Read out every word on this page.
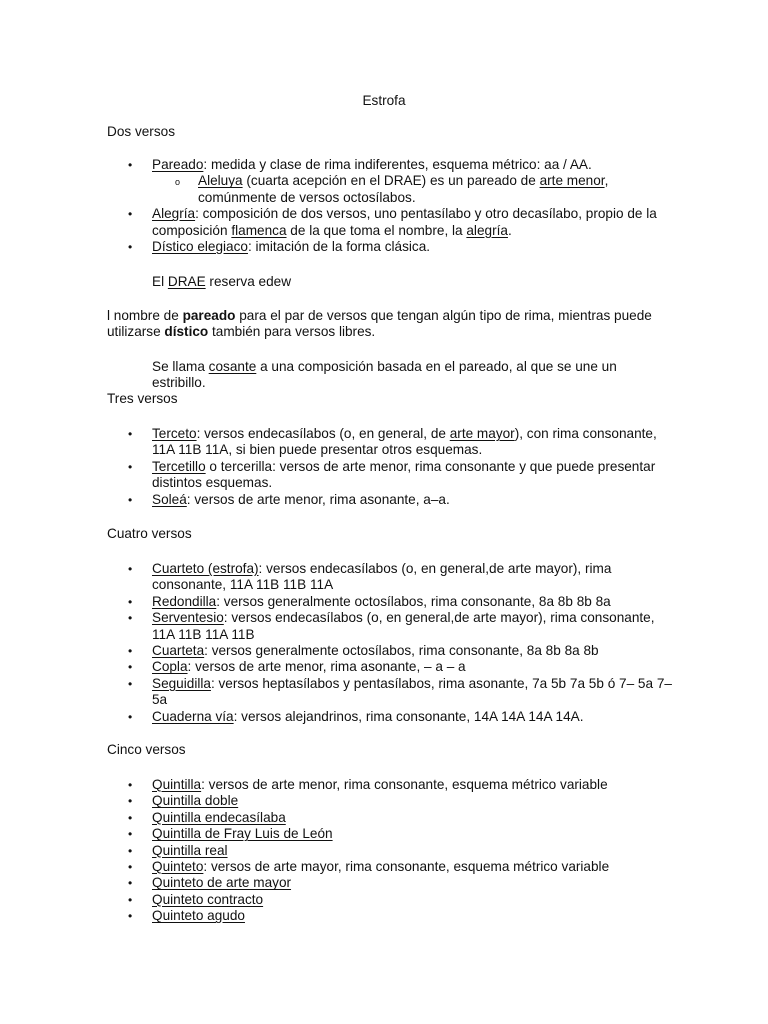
Estrofa
Dos versos
• Pareado: medida y clase de rima indiferentes, esquema métrico: aa / AA.
o Aleluya (cuarta acepción en el DRAE) es un pareado de arte menor, comúnmente de versos octosílabos.
• Alegría: composición de dos versos, uno pentasílabo y otro decasílabo, propio de la composición flamenca de la que toma el nombre, la alegría.
• Dístico elegiaco: imitación de la forma clásica.
El DRAE reserva edew
l nombre de pareado para el par de versos que tengan algún tipo de rima, mientras puede utilizarse dístico también para versos libres.
Se llama cosante a una composición basada en el pareado, al que se une un estribillo.
Tres versos
• Terceto: versos endecasílabos (o, en general, de arte mayor), con rima consonante, 11A 11B 11A, si bien puede presentar otros esquemas.
• Tercetillo o tercerilla: versos de arte menor, rima consonante y que puede presentar distintos esquemas.
• Soleá: versos de arte menor, rima asonante, a–a.
Cuatro versos
• Cuarteto (estrofa): versos endecasílabos (o, en general,de arte mayor), rima consonante, 11A 11B 11B 11A
• Redondilla: versos generalmente octosílabos, rima consonante, 8a 8b 8b 8a
• Serventesio: versos endecasílabos (o, en general,de arte mayor), rima consonante, 11A 11B 11A 11B
• Cuarteta: versos generalmente octosílabos, rima consonante, 8a 8b 8a 8b
• Copla: versos de arte menor, rima asonante, – a – a
• Seguidilla: versos heptasílabos y pentasílabos, rima asonante, 7a 5b 7a 5b ó 7– 5a 7– 5a
• Cuaderna vía: versos alejandrinos, rima consonante, 14A 14A 14A 14A.
Cinco versos
• Quintilla: versos de arte menor, rima consonante, esquema métrico variable
• Quintilla doble
• Quintilla endecasílaba
• Quintilla de Fray Luis de León
• Quintilla real
• Quinteto: versos de arte mayor, rima consonante, esquema métrico variable
• Quinteto de arte mayor
• Quinteto contracto
• Quinteto agudo
